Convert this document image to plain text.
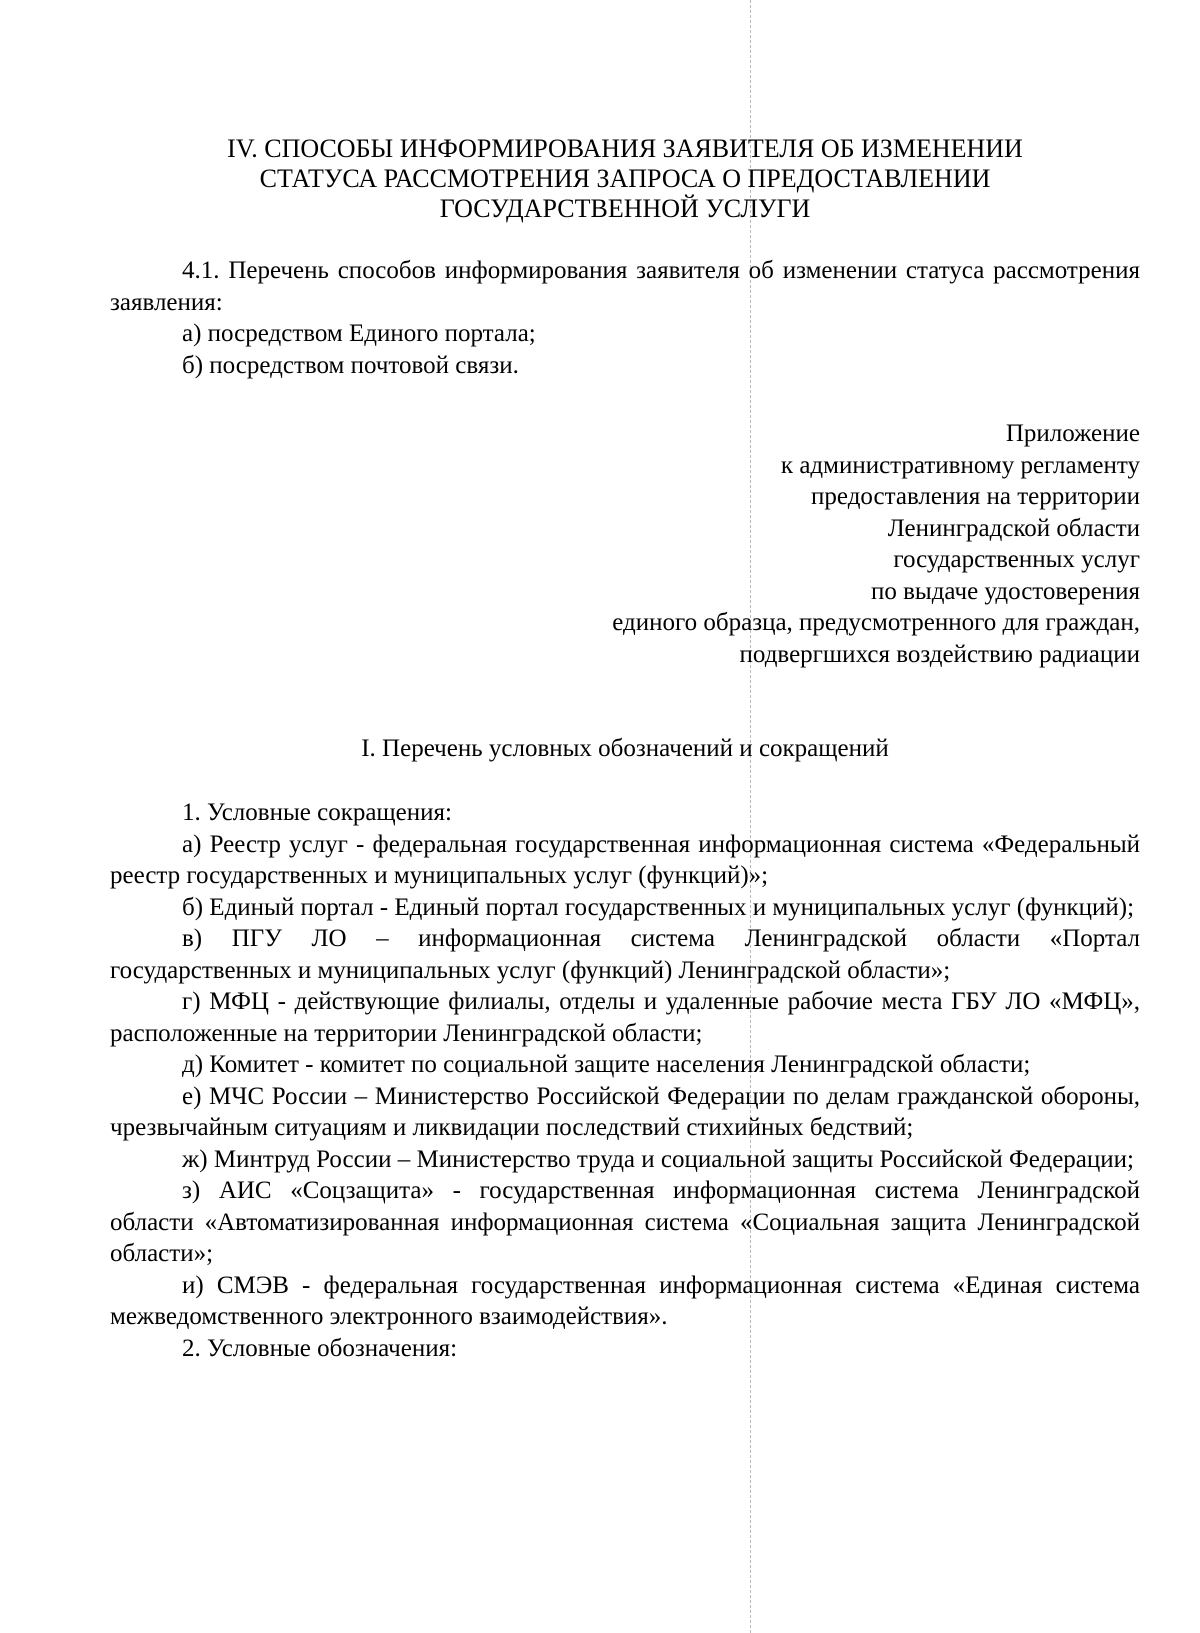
IV. СПОСОБЫ ИНФОРМИРОВАНИЯ ЗАЯВИТЕЛЯ ОБ ИЗМЕНЕНИИ
СТАТУСА РАССМОТРЕНИЯ ЗАПРОСА О ПРЕДОСТАВЛЕНИИ
ГОСУДАРСТВЕННОЙ УСЛУГИ

4.1. Перечень способов информирования заявителя об изменении статуса рассмотрения заявления:

а) посредством Единого портала;

б) посредством почтовой связи.

Приложение
к административному регламенту
предоставления на территории
Ленинградской области
государственных услуг
по выдаче удостоверения
единого образца, предусмотренного для граждан,
подвергшихся воздействию радиации
I. Перечень условных обозначений и сокращений

1. Условные сокращения:

а) Реестр услуг - федеральная государственная информационная система «Федеральный реестр государственных и муниципальных услуг (функций)»;

б) Единый портал - Единый портал государственных и муниципальных услуг (функций);

в) ПГУ ЛО – информационная система Ленинградской области «Портал государственных и муниципальных услуг (функций) Ленинградской области»;

г) МФЦ - действующие филиалы, отделы и удаленные рабочие места ГБУ ЛО «МФЦ», расположенные на территории Ленинградской области;

д) Комитет - комитет по социальной защите населения Ленинградской области;

е) МЧС России – Министерство Российской Федерации по делам гражданской обороны, чрезвычайным ситуациям и ликвидации последствий стихийных бедствий;

ж) Минтруд России – Министерство труда и социальной защиты Российской Федерации;

з) АИС «Соцзащита» - государственная информационная система Ленинградской области «Автоматизированная информационная система «Социальная защита Ленинградской области»;

и) СМЭВ - федеральная государственная информационная система «Единая система межведомственного электронного взаимодействия».

2. Условные обозначения:
